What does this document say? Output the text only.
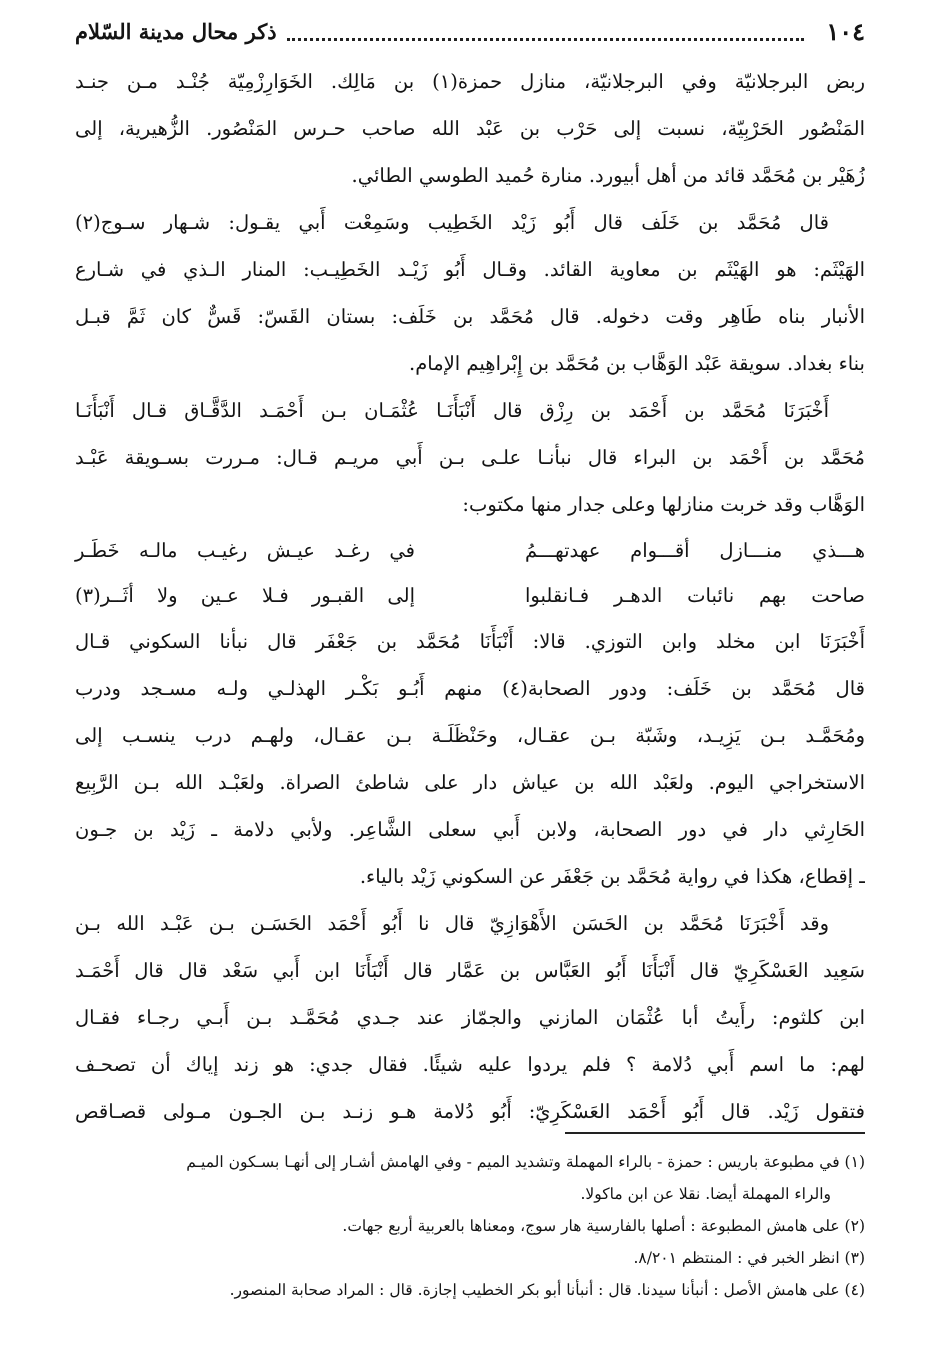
١٠٤
ذكر محال مدينة السّلام

ربض البرجلانيّة وفي البرجلانيّة، منازل حمزة(١) بن مَالِك. الخَوَارِزْمِيّة جُنْـد مـن جنـد
المَنْصُور الحَرْبِيّة، نسبت إلى حَرْب بن عَبْد الله صاحب حـرس المَنْصُور. الزُّهيرية، إلى
زُهَيْر بن مُحَمَّد قائد من أهل أبيورد. منارة حُميد الطوسي الطائي.

قال مُحَمَّد بن خَلَف قال أَبُو زَيْد الخَطِيب وسَمِعْت أَبي يقـول: شـهار سـوج(٢)
الهَيْثَم: هو الهَيْثَم بن معاوية القائد. وقـال أَبُو زَيْـد الخَطِيـب: المنار الـذي في شـارع
الأنبار بناه طَاهِر وقت دخوله. قال مُحَمَّد بن خَلَف: بستان القَسّ: قَسٌّ كان ثَمَّ قبـل
بناء بغداد. سويقة عَبْد الوَهَّاب بن مُحَمَّد بن إِبْراهِيم الإمام.

أَخْبَرَنَا مُحَمَّد بن أَحْمَد بن رِزْق قال أَنْبَأَنَـا عُثْمَـان بـن أَحْمَـد الدَّقَّـاق قـال أَنْبَأَنَـا
مُحَمَّد بن أَحْمَد بن البراء قال نبأنـا علـى بـن أَبي مريـم قـال: مـررت بسـويقة عَبْـد
الوَهَّاب وقد خربت منازلها وعلى جدار منها مكتوب:

هـــذي منـــازل أقـــوام عهدتهـــمُ
في رغـد عيـش رغيـب مالـه خَطَـر
صاحت بهم نائبات الدهـر فـانقلبوا
إلى القبـور فـلا عـين ولا أثَــر(٣)

أَخْبَرَنَا ابن مخلد وابن التوزي. قالا: أَنْبَأَنَا مُحَمَّد بن جَعْفَر قال نبأنا السكوني قـال
قال مُحَمَّد بن خَلَف: ودور الصحابة(٤) منهم أَبُـو بَكْـر الهذلـي ولـه مسـجد ودرب
ومُحَمَّـد بـن يَزِيـد، وشَبّة بـن عقـال، وحَنْظَلَـة بـن عقـال، ولهـم درب ينسـب إلى
الاستخراجي اليوم. ولعَبْد الله بن عياش دار على شاطئ الصراة. ولعَبْـد الله بـن الرَّبِيع
الحَارِثي دار في دور الصحابة، ولابن أَبي سعلى الشَّاعِر. ولأبي دلامة ـ زَيْد بن جـون
ـ إقطاع، هكذا في رواية مُحَمَّد بن جَعْفَر عن السكوني زَيْد بالياء.

وقد أَخْبَرَنَا مُحَمَّد بن الحَسَن الأَهْوَازِيّ قال نا أَبُو أَحْمَد الحَسَـن بـن عَبْـد الله بـن
سَعِيد العَسْكَرِيّ قال أَنْبَأَنَا أَبُو العَبَّاس بن عَمَّار قال أَنْبَأَنَا ابن أَبي سَعْد قال قال أَحْمَـد
ابن كلثوم: رأَيتُ أبا عُثْمَان المازني والجمّاز عند جـدي مُحَمَّـد بـن أَبـي رجـاء فقـال
لهم: ما اسم أَبي دُلامة ؟ فلم يردوا عليه شيئًا. فقال جدي: هو زند إياك أن تصحـف
فتقول زَيْد. قال أَبُو أَحْمَد العَسْكَرِيّ: أَبُو دُلامة هـو زنـد بـن الجـون مـولى قصـاقص

(١) في مطبوعة باريس : حمزة - بالراء المهملة وتشديد الميم - وفي الهامش أشـار إلى أنهـا بسـكون الميـم
والراء المهملة أيضا. نقلا عن ابن ماكولا.

(٢) على هامش المطبوعة : أصلها بالفارسية هار سوج، ومعناها بالعربية أربع جهات.

(٣) انظر الخبر في : المنتظم ٨/٢٠١.

(٤) على هامش الأصل : أنبأنا سيدنا. قال : أنبأنا أبو بكر الخطيب إجازة. قال : المراد صحابة المنصور.
